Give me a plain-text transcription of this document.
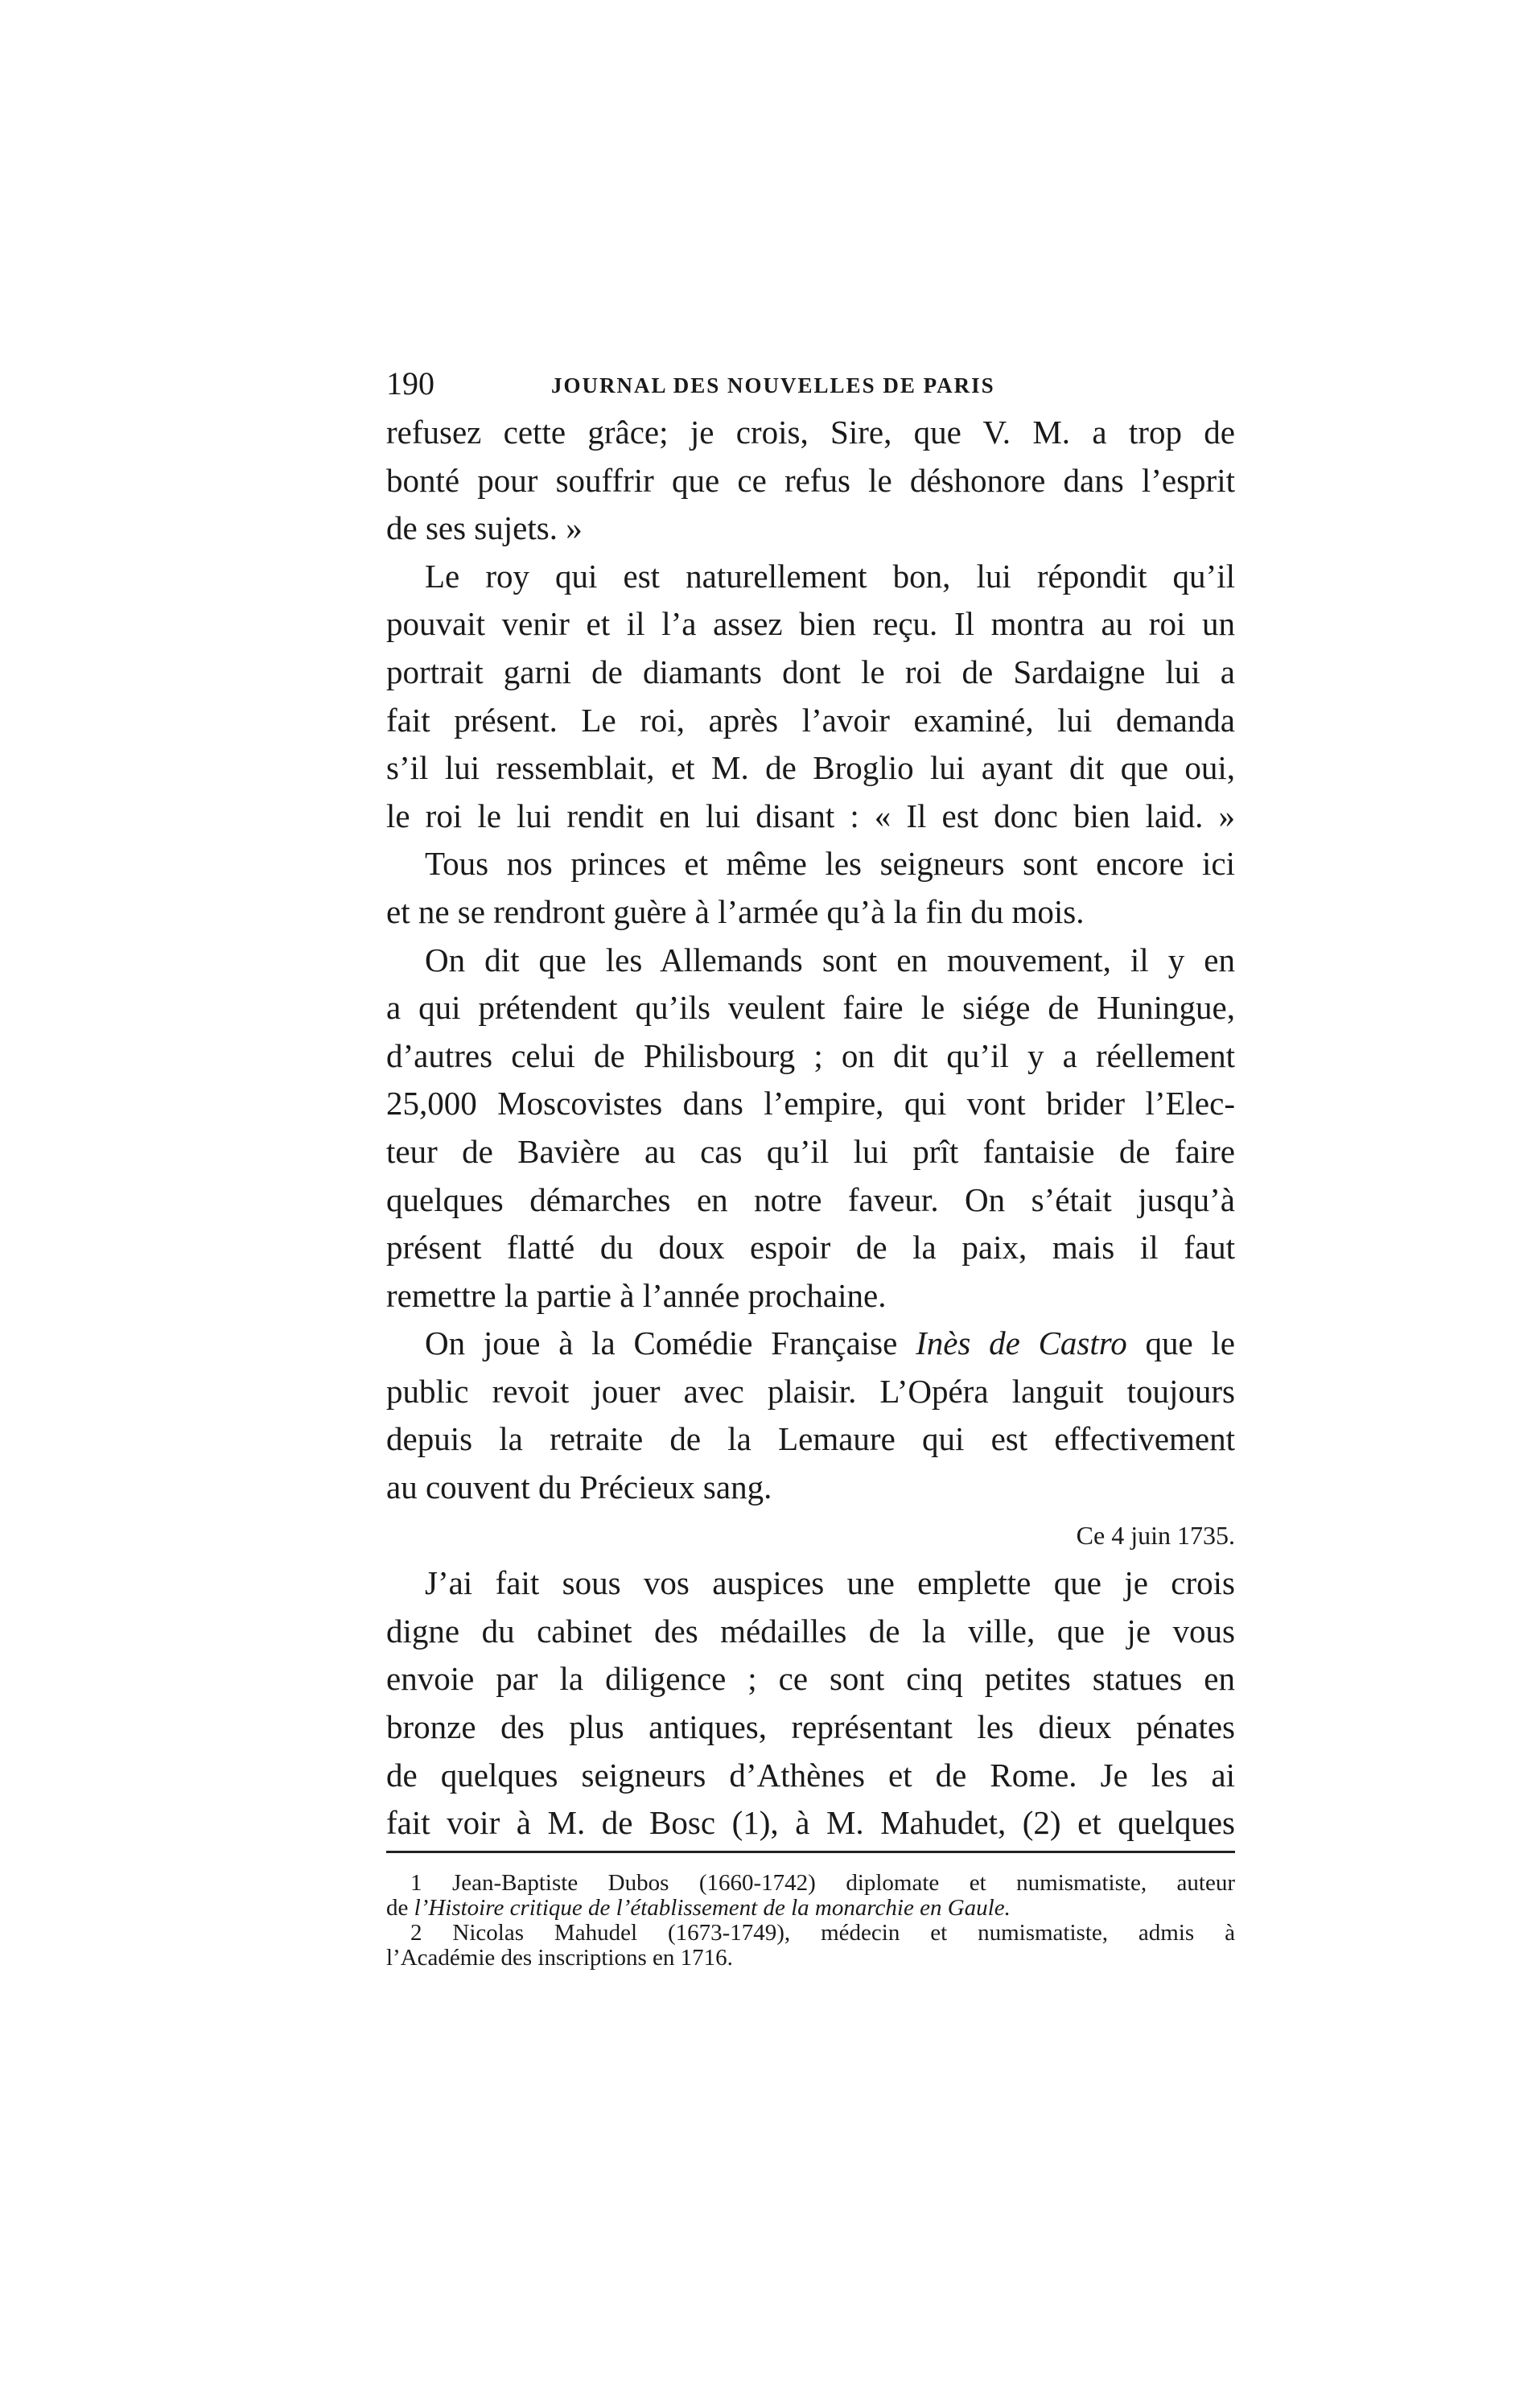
190	JOURNAL DES NOUVELLES DE PARIS
refusez cette grâce; je crois, Sire, que V. M. a trop de
bonté pour souffrir que ce refus le déshonore dans l’esprit
de ses sujets. »
Le roy qui est naturellement bon, lui répondit qu’il
pouvait venir et il l’a assez bien reçu. Il montra au roi un
portrait garni de diamants dont le roi de Sardaigne lui a
fait présent. Le roi, après l’avoir examiné, lui demanda
s’il lui ressemblait, et M. de Broglio lui ayant dit que oui,
le roi le lui rendit en lui disant : « Il est donc bien laid. »
Tous nos princes et même les seigneurs sont encore ici
et ne se rendront guère à l’armée qu’à la fin du mois.
On dit que les Allemands sont en mouvement, il y en
a qui prétendent qu’ils veulent faire le siége de Huningue,
d’autres celui de Philisbourg ; on dit qu’il y a réellement
25,000 Moscovistes dans l’empire, qui vont brider l’Elec-
teur de Bavière au cas qu’il lui prît fantaisie de faire
quelques démarches en notre faveur. On s’était jusqu’à
présent flatté du doux espoir de la paix, mais il faut
remettre la partie à l’année prochaine.
On joue à la Comédie Française Inès de Castro que le
public revoit jouer avec plaisir. L’Opéra languit toujours
depuis la retraite de la Lemaure qui est effectivement
au couvent du Précieux sang.
Ce 4 juin 1735.
J’ai fait sous vos auspices une emplette que je crois
digne du cabinet des médailles de la ville, que je vous
envoie par la diligence ; ce sont cinq petites statues en
bronze des plus antiques, représentant les dieux pénates
de quelques seigneurs d’Athènes et de Rome. Je les ai
fait voir à M. de Bosc (1), à M. Mahudet, (2) et quelques
1 Jean-Baptiste Dubos (1660-1742) diplomate et numismatiste, auteur
de l’Histoire critique de l’établissement de la monarchie en Gaule.
2 Nicolas Mahudel (1673-1749), médecin et numismatiste, admis à
l’Académie des inscriptions en 1716.
